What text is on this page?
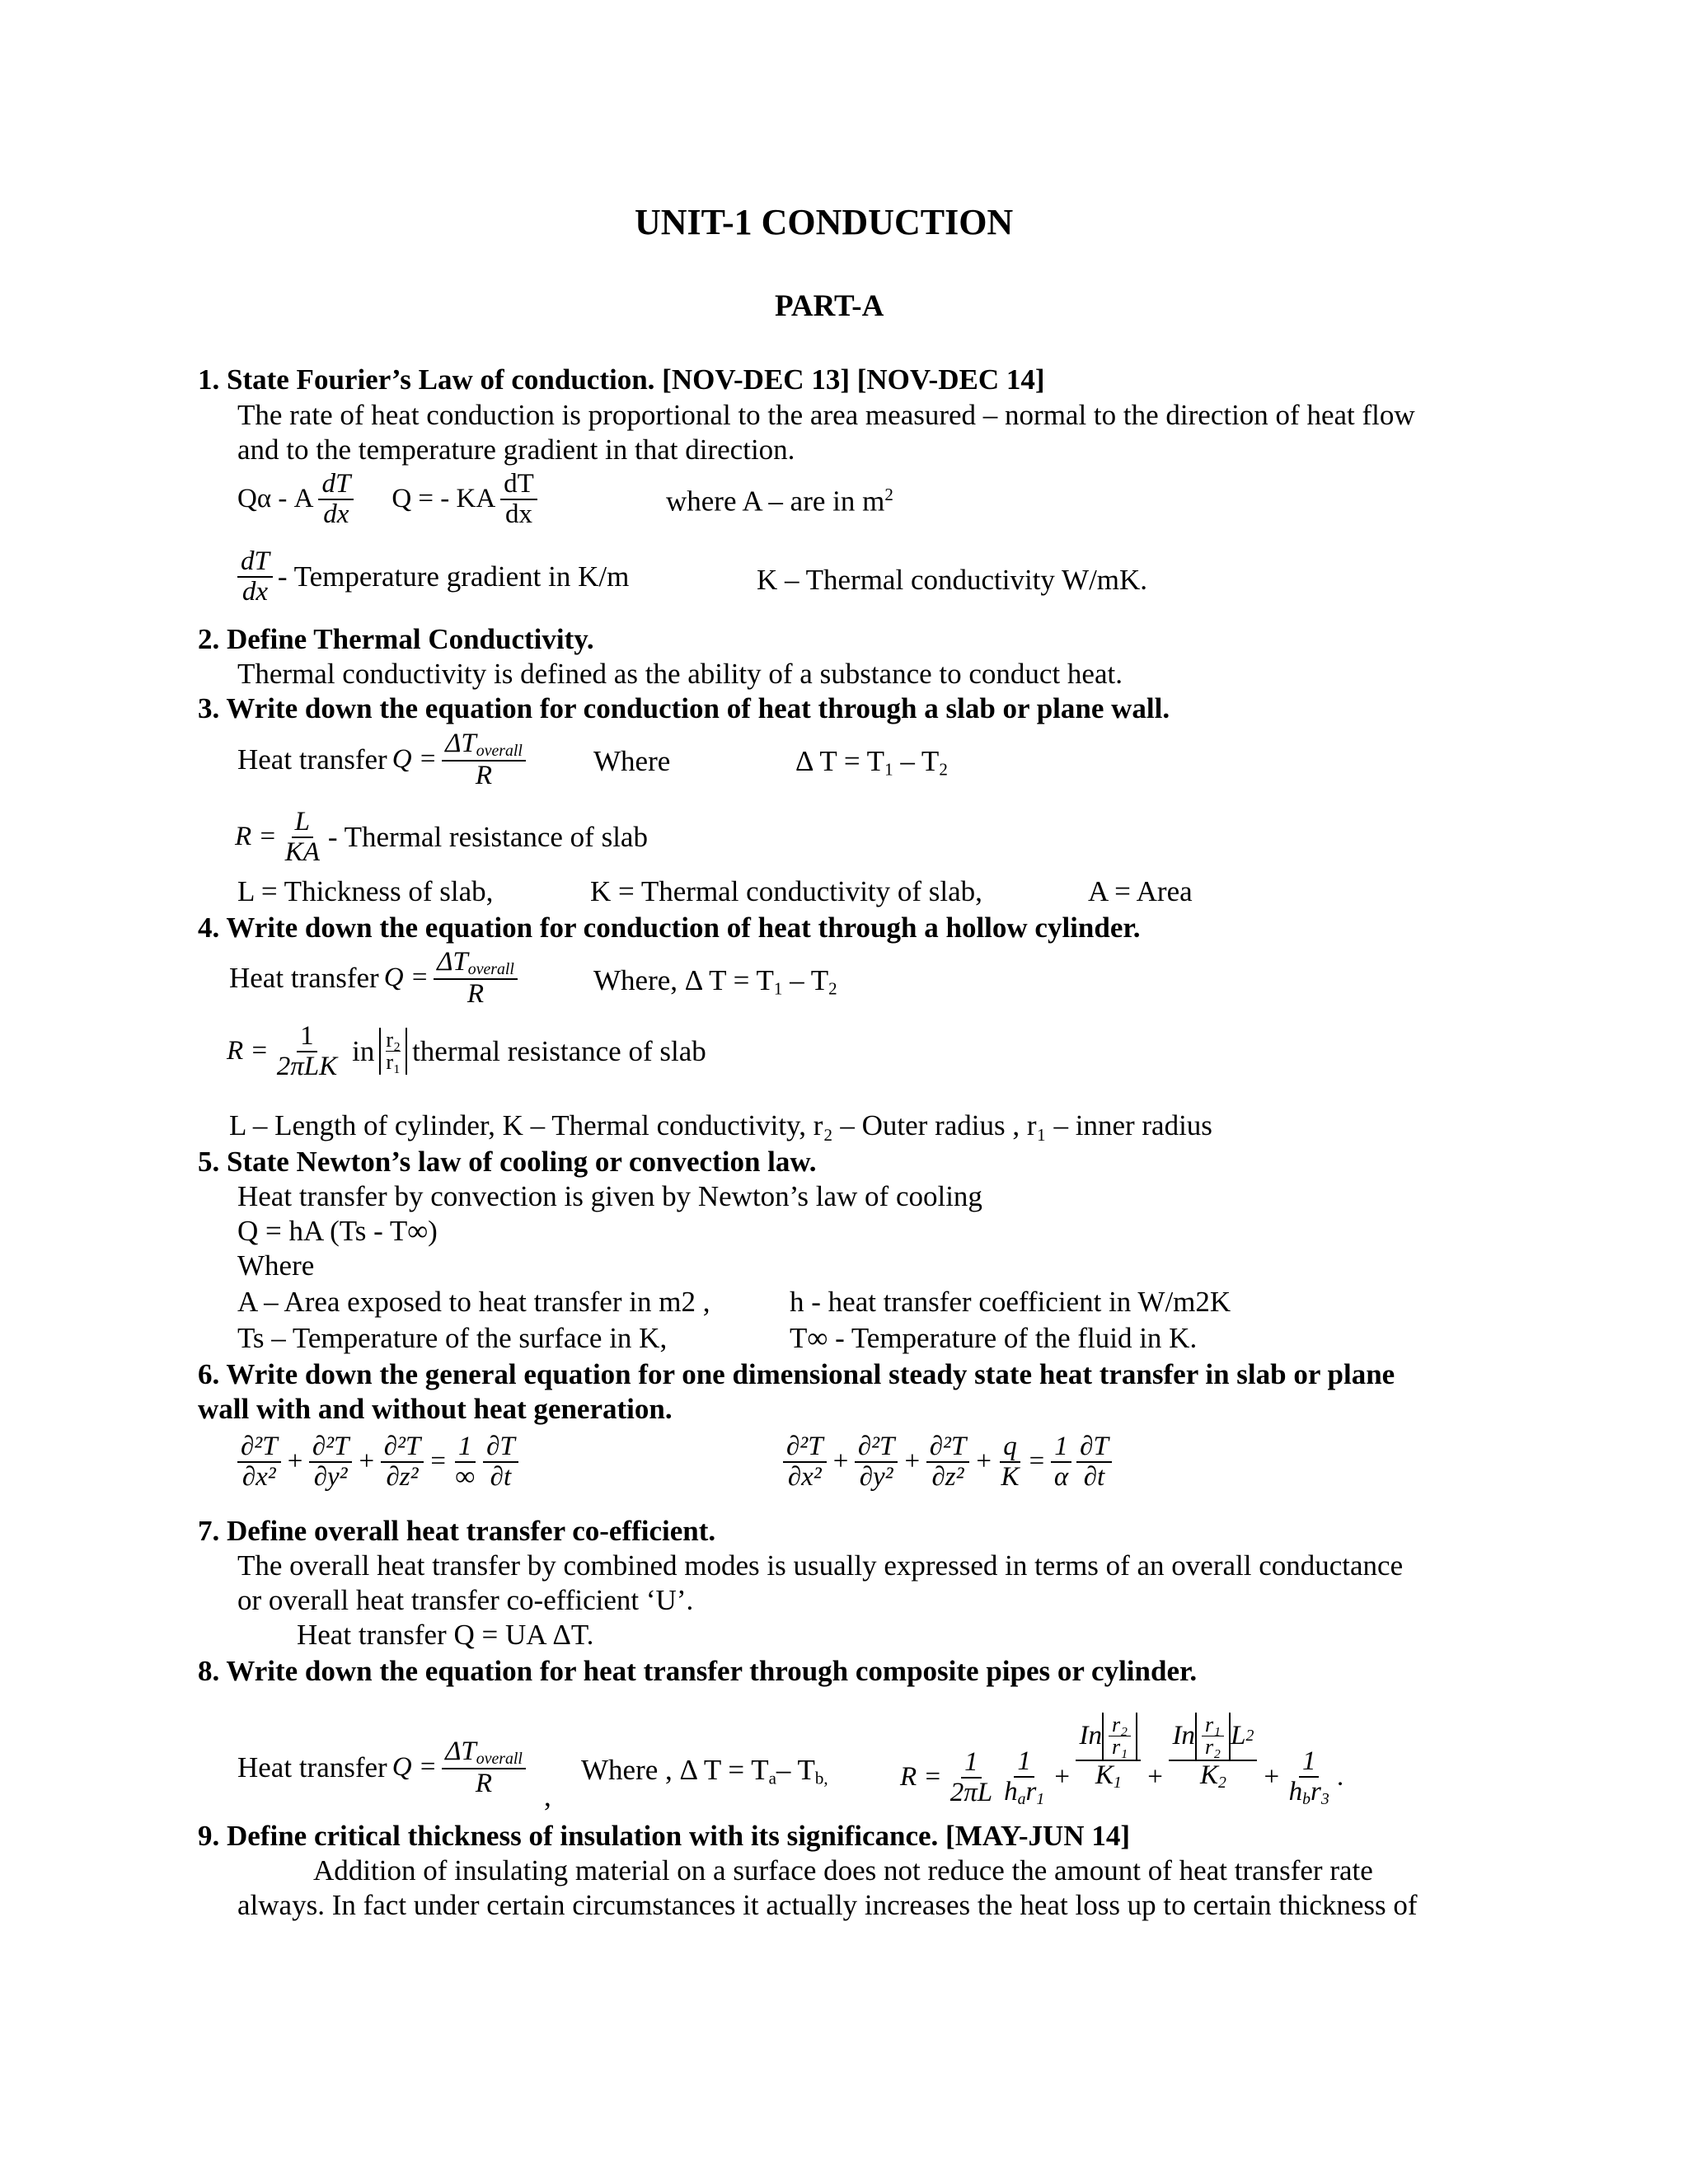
UNIT-1 CONDUCTION
PART-A
1. State Fourier’s Law of conduction. [NOV-DEC 13] [NOV-DEC 14]
The rate of heat conduction is proportional to the area measured – normal to the direction of heat flow
and to the temperature gradient in that direction.
Qα - A $\frac{dT}{dx}$ Q = - KA $\frac{dT}{dx}$	where A – are in $m^2$
$\frac{dT}{dx}$ - Temperature gradient in K/m	K – Thermal conductivity W/mK.
2. Define Thermal Conductivity.
Thermal conductivity is defined as the ability of a substance to conduct heat.
3. Write down the equation for conduction of heat through a slab or plane wall.
Heat transfer $Q = \frac{\Delta T_{overall}}{R}$ Where	Δ $T = T_1 - T_2$
$R = \frac{L}{KA}$ - Thermal resistance of slab
L = Thickness of slab,	K = Thermal conductivity of slab,	A = Area
4. Write down the equation for conduction of heat through a hollow cylinder.
Heat transfer $Q = \frac{\Delta T_{overall}}{R}$	Where, Δ $T = T_1 - T_2$
$R = \frac{1}{\text{2πLK}}$ in $\frac{\text{r₂}}{\text{r₁}}$ thermal resistance of slab
L – Length of cylinder, K – Thermal conductivity, r₂ – Outer radius , r₁ – inner radius
5. State Newton’s law of cooling or convection law.
Heat transfer by convection is given by Newton’s law of cooling
Q = hA (Ts - T∞)
Where
A – Area exposed to heat transfer in m2 ,	h - heat transfer coefficient in W/m2K
Ts – Temperature of the surface in K,	T∞ - Temperature of the fluid in K.
6. Write down the general equation for one dimensional steady state heat transfer in slab or plane
wall with and without heat generation.
$\frac{\text{∂²T}}{\text{∂x²}} + \frac{\text{∂²T}}{\text{∂y²}} + \frac{\text{∂²T}}{\text{∂z²}} = \frac{1}{\infty} \frac{\partial T}{\partial t}$	$\frac{\text{∂²T}}{\text{∂x²}} + \frac{\text{∂²T}}{\text{∂y²}} + \frac{\text{∂²T}}{\text{∂z²}} + \frac{q}{K} = \frac{1}{\alpha} \frac{\partial T}{\partial t}$
7. Define overall heat transfer co-efficient.
The overall heat transfer by combined modes is usually expressed in terms of an overall conductance
or overall heat transfer co-efficient ‘U’.
Heat transfer Q = UA ΔT.
8. Write down the equation for heat transfer through composite pipes or cylinder.
Heat transfer $Q = \frac{\Delta T_{overall}}{R}$ ,
Where , Δ $T = T_a-$ $T_{b,}$	$R = \frac{1}{2\pi L} \frac{1}{h_ar_1} + \frac{In \frac{\text{r₂}}{\text{r₁}}}{K_1} + \frac{In \frac{\text{r₁}}{\text{r₂}} L 2}{K_2} + \frac{1}{h_br_3}$ .
9. Define critical thickness of insulation with its significance. [MAY-JUN 14]
Addition of insulating material on a surface does not reduce the amount of heat transfer rate
always. In fact under certain circumstances it actually increases the heat loss up to certain thickness of
